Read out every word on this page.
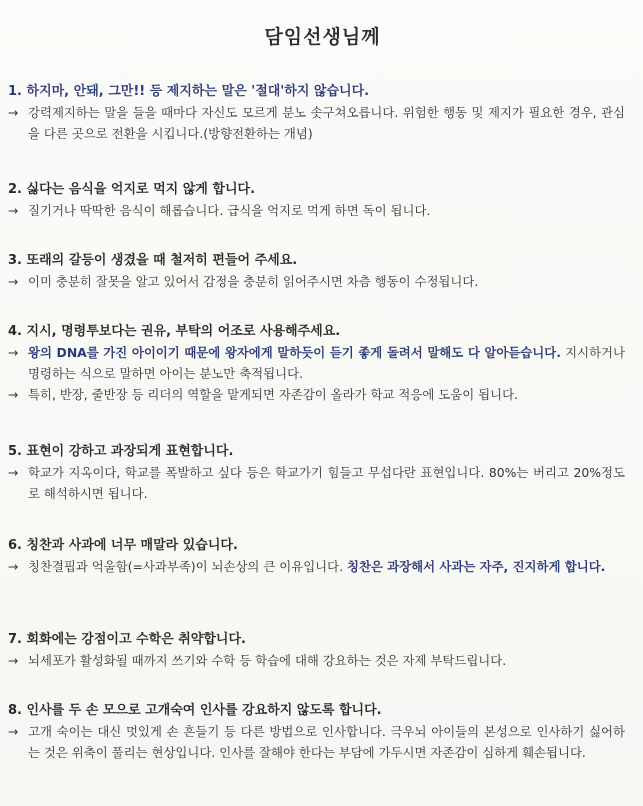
담임선생님께
1. 하지마, 안돼, 그만!! 등 제지하는 말은 '절대'하지 않습니다.
→ 강력제지하는 말을 들을 때마다 자신도 모르게 분노 솟구쳐오릅니다. 위험한 행동 및 제지가 필요한 경우, 관심을 다른 곳으로 전환을 시킵니다.(방향전환하는 개념)
2. 싫다는 음식을 억지로 먹지 않게 합니다.
→ 질기거나 딱딱한 음식이 해롭습니다. 급식을 억지로 먹게 하면 독이 됩니다.
3. 또래의 갈등이 생겼을 때 철저히 편들어 주세요.
→ 이미 충분히 잘못을 알고 있어서 감정을 충분히 읽어주시면 차츰 행동이 수정됩니다.
4. 지시, 명령투보다는 권유, 부탁의 어조로 사용해주세요.
→ 왕의 DNA를 가진 아이이기 때문에 왕자에게 말하듯이 듣기 좋게 돌려서 말해도 다 알아듣습니다. 지시하거나 명령하는 식으로 말하면 아이는 분노만 축적됩니다.
→ 특히, 반장, 줄반장 등 리더의 역할을 맡게되면 자존감이 올라가 학교 적응에 도움이 됩니다.
5. 표현이 강하고 과장되게 표현합니다.
→ 학교가 지옥이다, 학교를 폭발하고 싶다 등은 학교가기 힘들고 무섭다란 표현입니다. 80%는 버리고 20%정도로 해석하시면 됩니다.
6. 칭찬과 사과에 너무 매말라 있습니다.
→ 칭찬결핍과 억울함(=사과부족)이 뇌손상의 큰 이유입니다. 칭찬은 과장해서 사과는 자주, 진지하게 합니다.
7. 회화에는 강점이고 수학은 취약합니다.
→ 뇌세포가 활성화될 때까지 쓰기와 수학 등 학습에 대해 강요하는 것은 자제 부탁드립니다.
8. 인사를 두 손 모으로 고개숙여 인사를 강요하지 않도록 합니다.
→ 고개 숙이는 대신 멋있게 손 흔들기 등 다른 방법으로 인사합니다. 극우뇌 아이들의 본성으로 인사하기 싫어하는 것은 위축이 풀리는 현상입니다. 인사를 잘해야 한다는 부담에 가두시면 자존감이 심하게 훼손됩니다.
